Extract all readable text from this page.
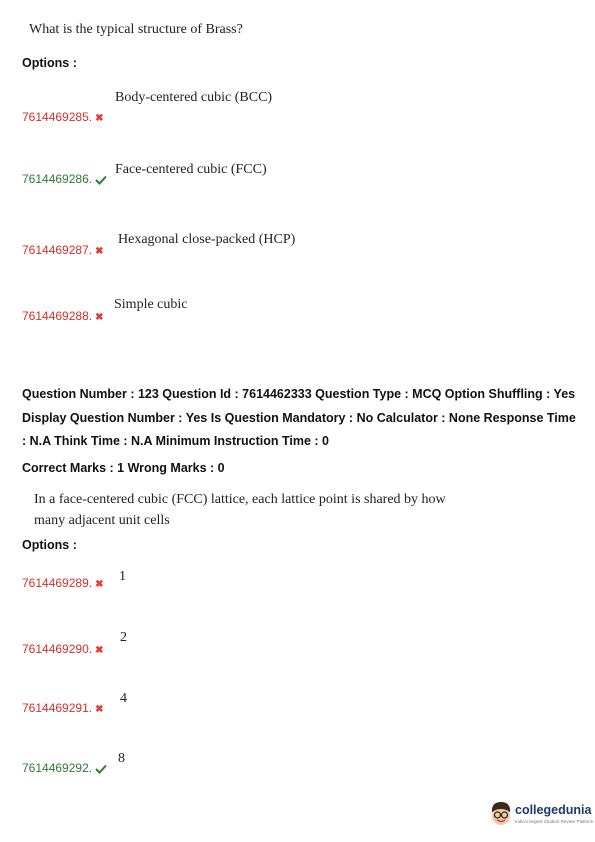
What is the typical structure of Brass?
Options :
7614469285. ✖
Body-centered cubic (BCC)
7614469286.
Face-centered cubic (FCC)
7614469287. ✖
Hexagonal close-packed (HCP)
7614469288. ✖
Simple cubic
Question Number : 123 Question Id : 7614462333 Question Type : MCQ Option Shuffling : Yes
Display Question Number : Yes Is Question Mandatory : No Calculator : None Response Time
: N.A Think Time : N.A Minimum Instruction Time : 0
Correct Marks : 1 Wrong Marks : 0
In a face-centered cubic (FCC) lattice, each lattice point is shared by how
many adjacent unit cells
Options :
7614469289. ✖
1
7614469290. ✖
2
7614469291. ✖
4
7614469292.
8
collegedunia
India's largest Student Review Platform
